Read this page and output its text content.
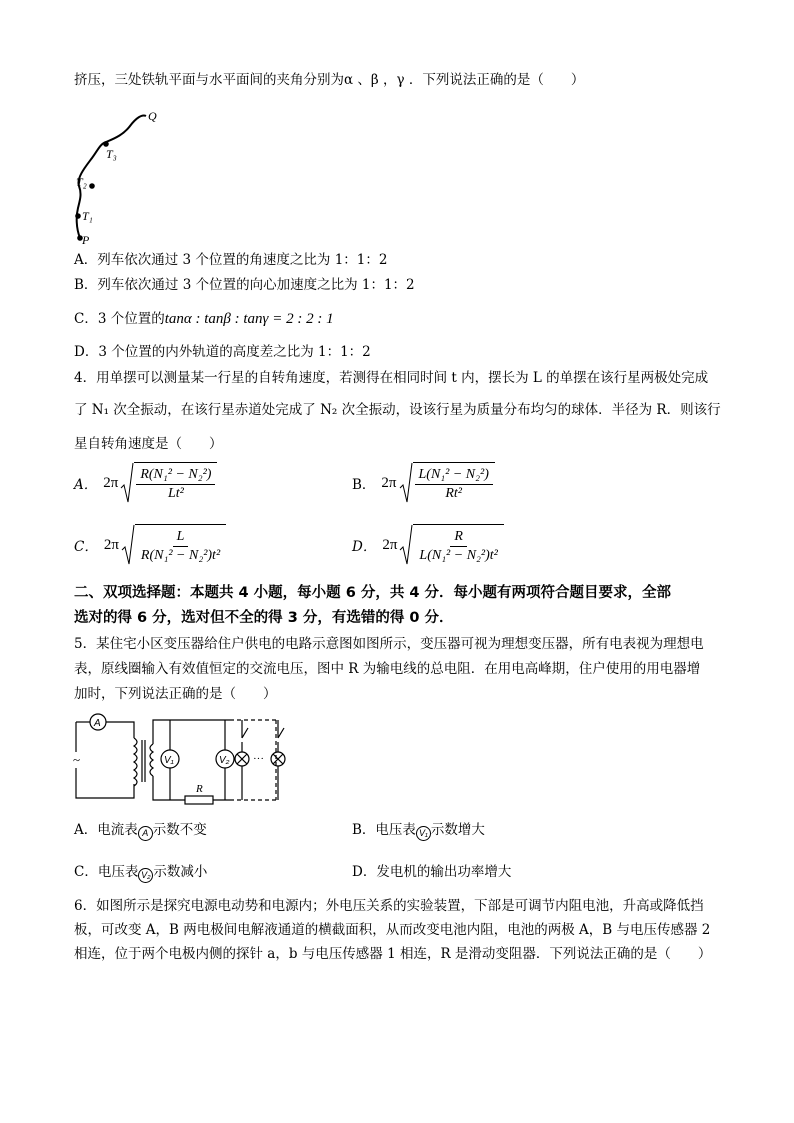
挤压，三处铁轨平面与水平面间的夹角分别为α 、β ，γ ．下列说法正确的是（　　）
Q
T₃
T₂
T₁
P
A．列车依次通过 3 个位置的角速度之比为 1：1：2
B．列车依次通过 3 个位置的向心加速度之比为 1：1：2
C．3 个位置的tanα : tanβ : tanγ = 2 : 2 : 1
D．3 个位置的内外轨道的高度差之比为 1：1：2
4．用单摆可以测量某一行星的自转角速度，若测得在相同时间 t 内，摆长为 L 的单摆在该行星两极处完成
了 N₁ 次全振动，在该行星赤道处完成了 N₂ 次全振动，设该行星为质量分布均匀的球体．半径为 R．则该行
星自转角速度是（　　）
A． $2\pi \frac{\text{R(N₁² − N₂²)}}{\text{Lt²}}$	B． $2\pi \frac{\text{L(N₁² − N₂²)}}{\text{Rt²}}$
C． $2\pi \frac{L}{\text{R(N₁² − N₂²)t²}}$	D． $2\pi \frac{R}{\text{L(N₁² − N₂²)t²}}$
二、双项选择题：本题共 4 小题，每小题 6 分，共 4 分．每小题有两项符合题目要求，全部
选对的得 6 分，选对但不全的得 3 分，有选错的得 0 分．
5．某住宅小区变压器给住户供电的电路示意图如图所示，变压器可视为理想变压器，所有电表视为理想电
表，原线圈输入有效值恒定的交流电压，图中 R 为输电线的总电阻．在用电高峰期，住户使用的用电器增
加时，下列说法正确的是（　　）
~
A
V₁	V₂
R
···
A．电流表 A 示数不变	B．电压表 V₁ 示数增大
C．电压表 V₂ 示数减小	D．发电机的输出功率增大
6．如图所示是探究电源电动势和电源内；外电压关系的实验装置，下部是可调节内阻电池，升高或降低挡
板，可改变 A，B 两电极间电解液通道的横截面积，从而改变电池内阻，电池的两极 A，B 与电压传感器 2
相连，位于两个电极内侧的探针 a，b 与电压传感器 1 相连，R 是滑动变阻器．下列说法正确的是（　　）
